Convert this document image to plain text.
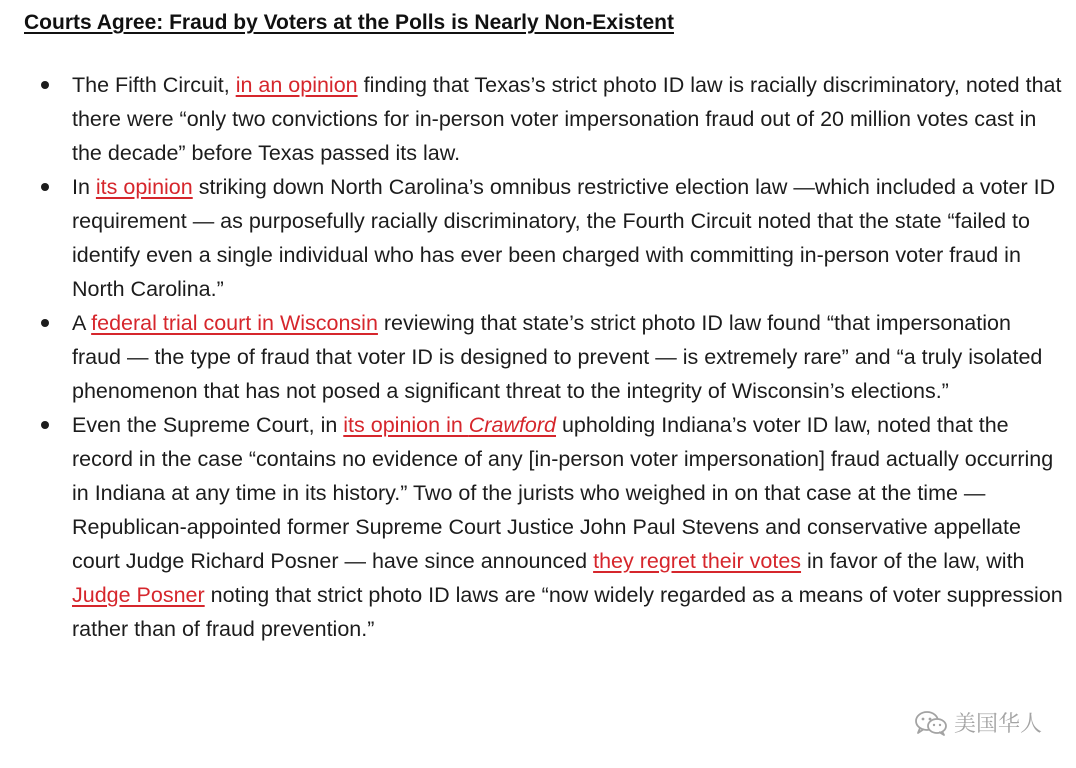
Courts Agree: Fraud by Voters at the Polls is Nearly Non-Existent
The Fifth Circuit, in an opinion finding that Texas’s strict photo ID law is racially discriminatory, noted that there were “only two convictions for in-person voter impersonation fraud out of 20 million votes cast in the decade” before Texas passed its law.
In its opinion striking down North Carolina’s omnibus restrictive election law —which included a voter ID requirement — as purposefully racially discriminatory, the Fourth Circuit noted that the state “failed to identify even a single individual who has ever been charged with committing in-person voter fraud in North Carolina.”
A federal trial court in Wisconsin reviewing that state’s strict photo ID law found “that impersonation fraud — the type of fraud that voter ID is designed to prevent — is extremely rare” and “a truly isolated phenomenon that has not posed a significant threat to the integrity of Wisconsin’s elections.”
Even the Supreme Court, in its opinion in Crawford upholding Indiana’s voter ID law, noted that the record in the case “contains no evidence of any [in-person voter impersonation] fraud actually occurring in Indiana at any time in its history.” Two of the jurists who weighed in on that case at the time — Republican-appointed former Supreme Court Justice John Paul Stevens and conservative appellate court Judge Richard Posner — have since announced they regret their votes in favor of the law, with Judge Posner noting that strict photo ID laws are “now widely regarded as a means of voter suppression rather than of fraud prevention.”
美国华人
